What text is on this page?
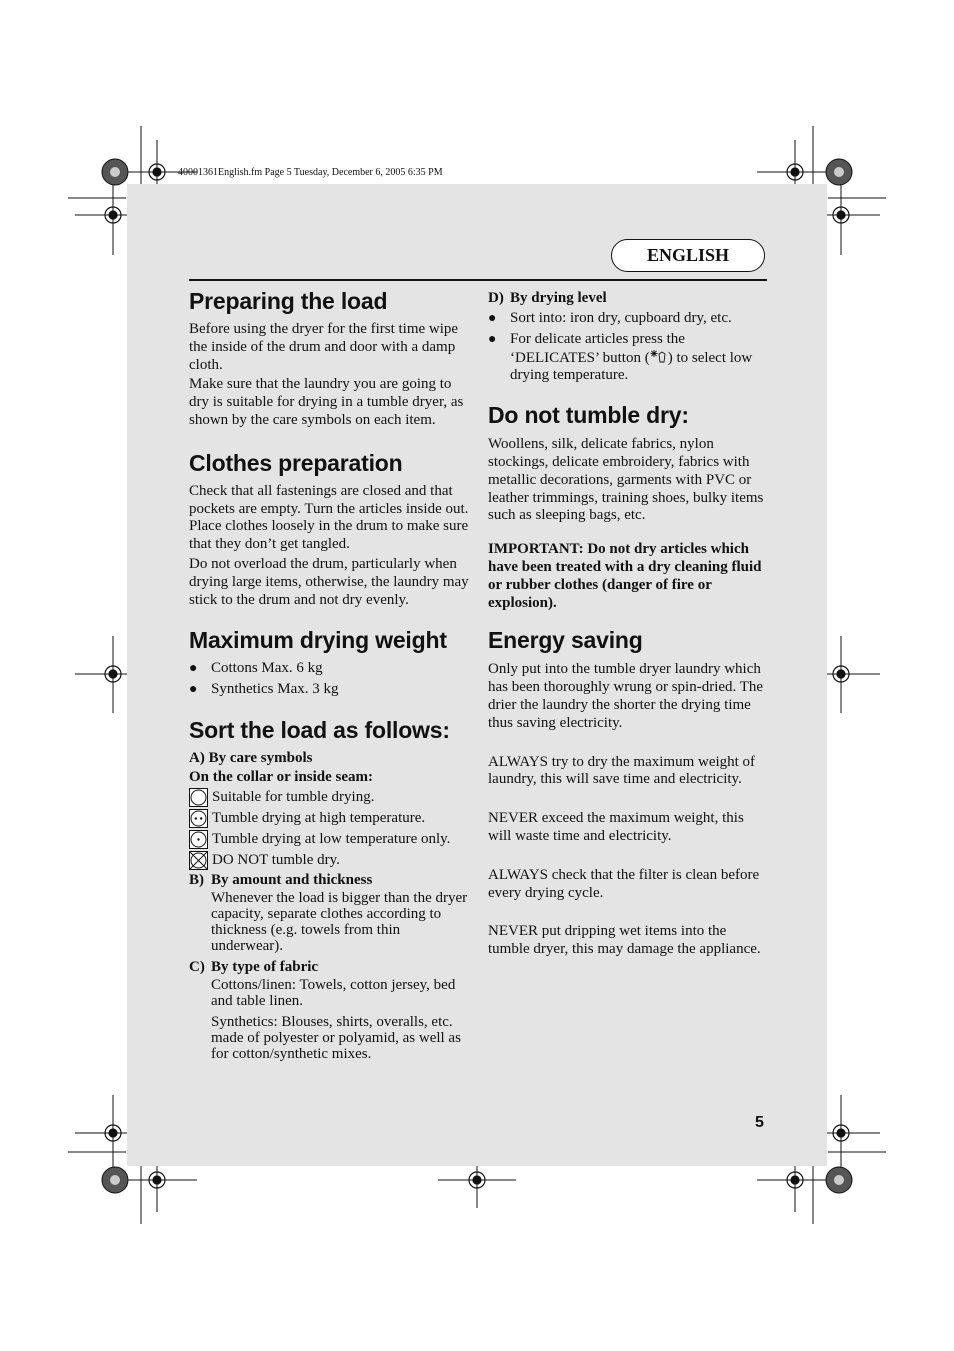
40001361English.fm Page 5 Tuesday, December 6, 2005 6:35 PM
ENGLISH
Preparing the load

Before using the dryer for the first time wipe the inside of the drum and door with a damp cloth.

Make sure that the laundry you are going to dry is suitable for drying in a tumble dryer, as shown by the care symbols on each item.

Clothes preparation

Check that all fastenings are closed and that pockets are empty. Turn the articles inside out. Place clothes loosely in the drum to make sure that they don’t get tangled.

Do not overload the drum, particularly when drying large items, otherwise, the laundry may stick to the drum and not dry evenly.

Maximum drying weight
● Cottons Max. 6 kg
● Synthetics Max. 3 kg
Sort the load as follows:

A) By care symbols

On the collar or inside seam:

Suitable for tumble drying.
Tumble drying at high temperature.
Tumble drying at low temperature only.
DO NOT tumble dry.
B) By amount and thickness

Whenever the load is bigger than the dryer capacity, separate clothes according to thickness (e.g. towels from thin underwear).

C) By type of fabric

Cottons/linen: Towels, cotton jersey, bed and table linen.

Synthetics: Blouses, shirts, overalls, etc. made of polyester or polyamid, as well as for cotton/synthetic mixes.

D) By drying level
● Sort into: iron dry, cupboard dry, etc.
● For delicate articles press the ‘DELICATES’ button ( ) to select low drying temperature.
Do not tumble dry:

Woollens, silk, delicate fabrics, nylon stockings, delicate embroidery, fabrics with metallic decorations, garments with PVC or leather trimmings, training shoes, bulky items such as sleeping bags, etc.

IMPORTANT: Do not dry articles which have been treated with a dry cleaning fluid or rubber clothes (danger of fire or explosion).

Energy saving

Only put into the tumble dryer laundry which has been thoroughly wrung or spin-dried. The drier the laundry the shorter the drying time thus saving electricity.

ALWAYS try to dry the maximum weight of laundry, this will save time and electricity.

NEVER exceed the maximum weight, this will waste time and electricity.

ALWAYS check that the filter is clean before every drying cycle.

NEVER put dripping wet items into the tumble dryer, this may damage the appliance.

5
